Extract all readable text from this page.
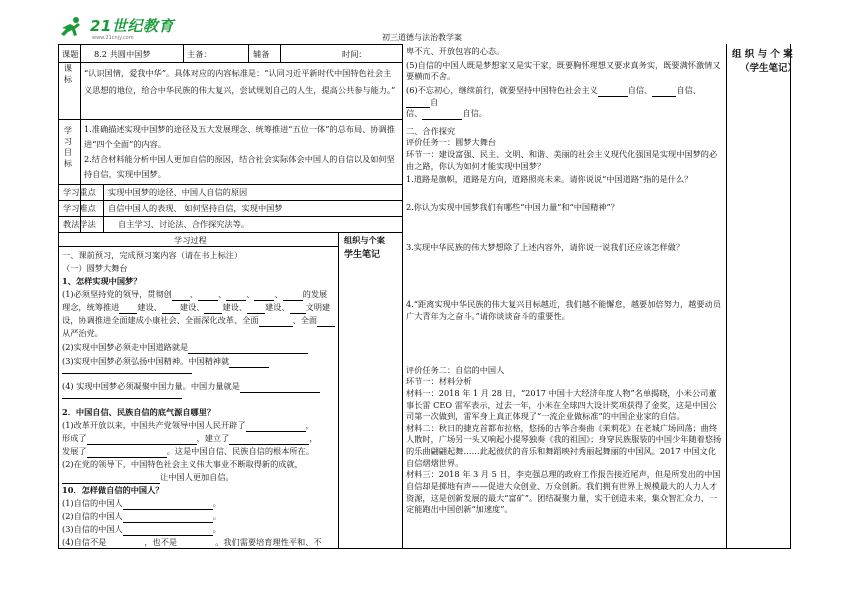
21世纪教育
www.21cnjy.com	初三道德与法治教学案
课题 8.2 共圆中国梦	主备：	辅备	时间：
课标
“认识国情，爱我中华”。具体对应的内容标准是：“认同习近平新时代中国特色社会主义思想的地位，给合中华民族的伟大复兴，尝试规划自己的人生，提高公共参与能力。”
学习目标
1.准确描述实现中国梦的途径及五大发展理念、统筹推进“五位一体”的总布局、协调推进“四个全面”的内容。
2.结合材料能分析中国人更加自信的原因，结合社会实际体会中国人的自信以及如何坚持自信，实现中国梦。
学习重点 实现中国梦的途径、中国人自信的原因
学习难点 自信中国人的表现、 如何坚持自信，实现中国梦
教法学法	自主学习、讨论法、合作探究法等。
学习过程	组织与个案
学生笔记
一、课前预习，完成预习案内容（请在书上标注）
（一）圆梦大舞台
1、怎样实现中国梦？
(1)必须坚持党的领导，贯彻创 、 、 、 、 的发展
理念，统筹推进 建设、 建设、 建设、 建设、 文明建
设，协调推进全面建成小康社会、全面深化改革、全面	、全面
从严治党。
(2)实现中国梦必须走中国道路就是
(3)实现中国梦必须弘扬中国精神。中国精神就
(4) 实现中国梦必须凝聚中国力量。中国力量就是
2．中国自信、民族自信的底气源自哪里？
(1)改革开放以来，中国共产党领导中国人民开辟了	，
形成了	，建立了	，
发展了	。这是中国自信、民族自信的根本所在。
(2)在党的领导下，中国特色社会主义伟大事业不断取得新的成就，
让中国人更加自信。
10．怎样做自信的中国人？
(1)自信的中国人	。
(2)自信的中国人	。
(3)自信的中国人	。
(4)自信不是	，也不是	。我们需要培育理性平和、不
卑不亢、开放包容的心态。
(5)自信的中国人既是梦想家又是实干家，既要胸怀理想又要求真务实，既要满怀激情又要横而不舍。
(6)不忘初心，继续前行，就要坚持中国特色社会主义	自信、	自信、自
信、	自信。
二、合作探究
评价任务一：圆梦大舞台
环节一：建设富强、民主、文明、和谐、美丽的社会主义现代化强国是实现中国梦的必由之路，你认为如何才能实现中国梦？
1.道路是旗帜，道路是方向，道路照亮未来。请你说说“中国道路”指的是什么？
2.你认为实现中国梦我们有哪些“中国力量”和“中国精神”？
3.实现中华民族的伟大梦想除了上述内容外，请你说一说我们还应该怎样做？
4.“距离实现中华民族的伟大复兴目标越近，我们越不能懈怠，越要加倍努力，越要动员广大青年为之奋斗。”请你谈谈奋斗的重要性。
评价任务二：自信的中国人
环节一：材料分析
材料一：2018 年 1 月 28 日，“2017 中国十大经济年度人物”名单揭晓，小米公司董事长雷 CEO 雷军表示，过去一年，小米在全球四大设计奖项获得了金奖，这是中国公司第一次做到，雷军身上真正体现了“一流企业做标准”的中国企业家的自信。
材料二：秋日的捷克首都布拉格，悠扬的古筝合奏曲《茉莉花》在老城广场回荡；曲终人散时，广场另一头又响起小提琴独奏《我的祖国》；身穿民族服装的中国少年随着悠扬的乐曲翩翩起舞……此起彼伏的音乐和舞蹈映衬秀丽起舞丽的中国风。2017 中国文化自信熠熠世界。
材料三：2018 年 3 月 5 日，李克强总理的政府工作报告接近尾声，但是所发出的中国自信却是掷地有声——促进大众创业、万众创新。我们拥有世界上规模最大的人力人才资源，这是创新发展的最大“富矿”。团结凝聚力量，实干创造未来，集众智汇众力，一定能跑出中国创新“加速度”。
组 织 与 个 案
（学生笔记）
